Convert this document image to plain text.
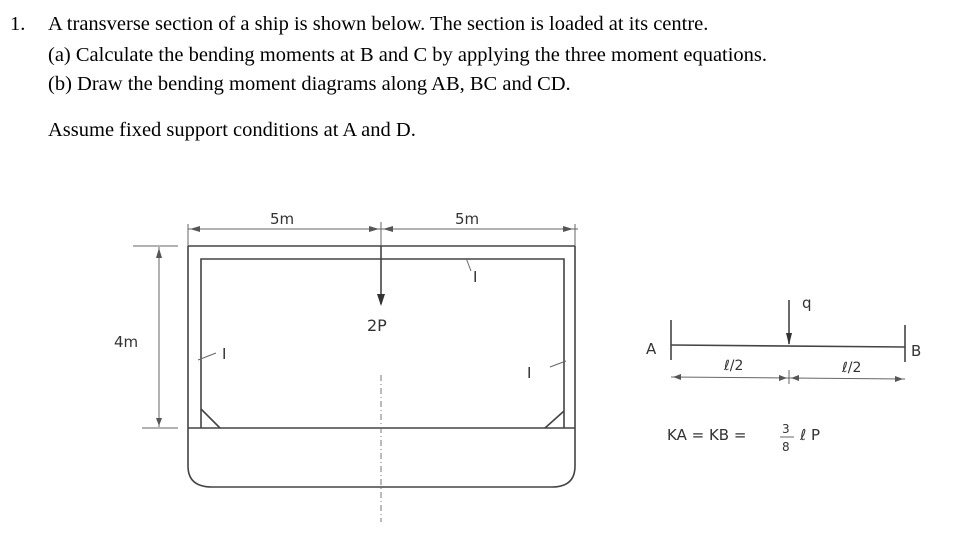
1. A transverse section of a ship is shown below. The section is loaded at its centre.
(a) Calculate the bending moments at B and C by applying the three moment equations.
(b) Draw the bending moment diagrams along AB, BC and CD.
Assume fixed support conditions at A and D.
5m	5m
2P
4m
I
I
I
A	B
q
ℓ/2	ℓ/2
KA = KB =	3
8
ℓ P
